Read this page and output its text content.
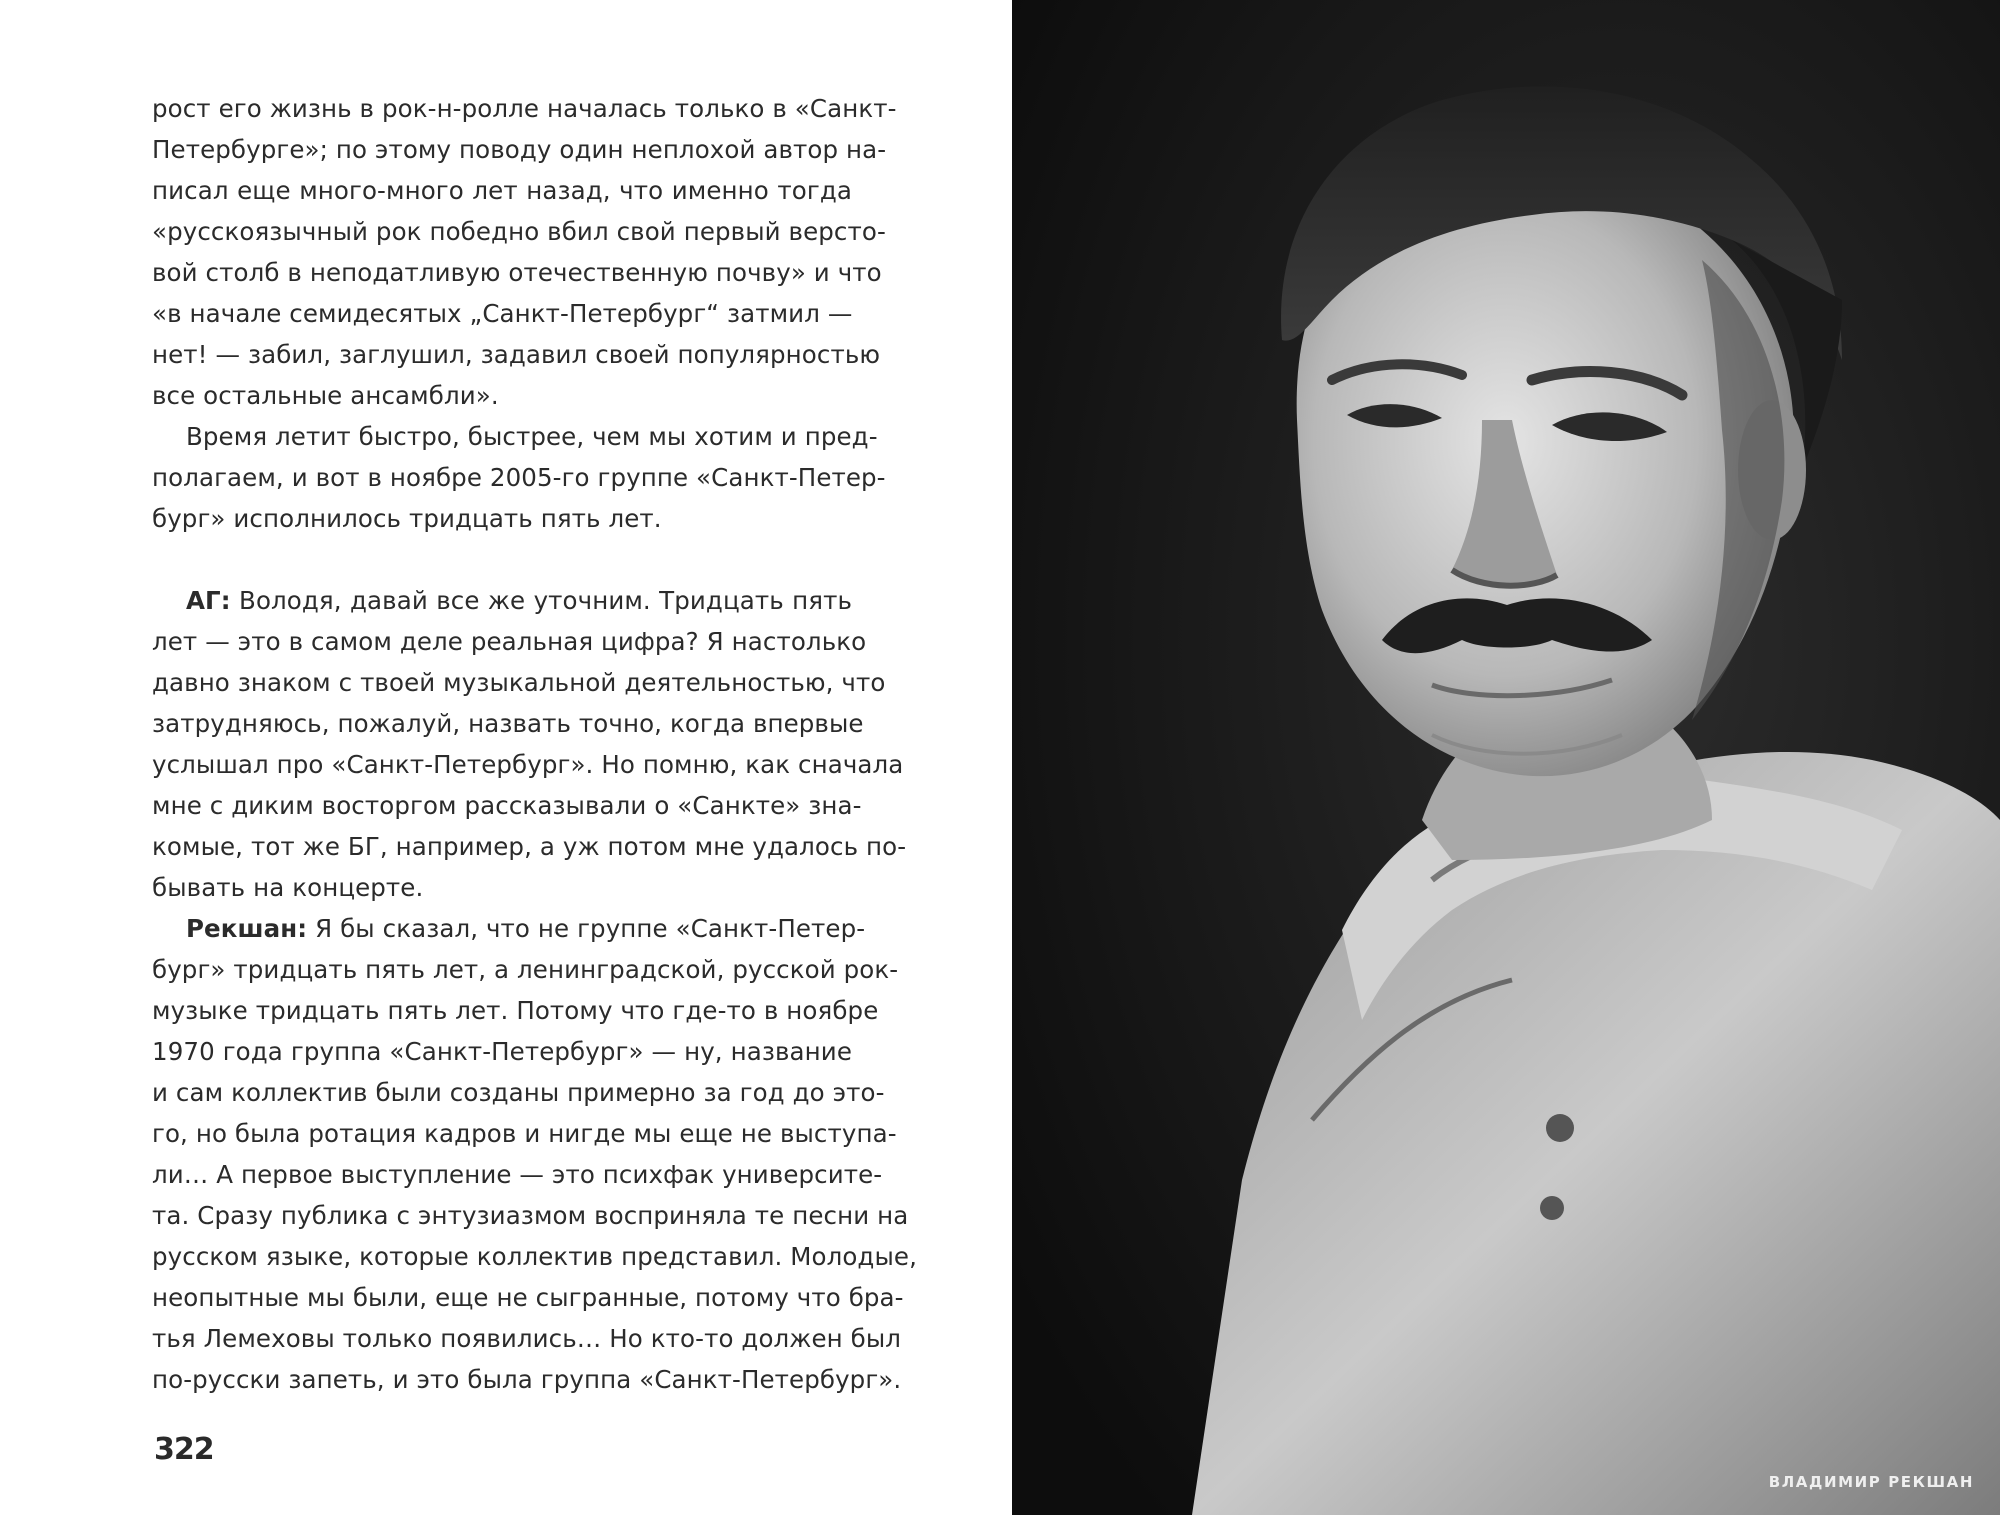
рост его жизнь в рок-н-ролле началась только в «Санкт-
Петербурге»; по этому поводу один неплохой автор на-
писал еще много-много лет назад, что именно тогда
«русскоязычный рок победно вбил свой первый версто-
вой столб в неподатливую отечественную почву» и что
«в начале семидесятых „Санкт-Петербург“ затмил —
нет! — забил, заглушил, задавил своей популярностью
все остальные ансамбли».
Время летит быстро, быстрее, чем мы хотим и пред-
полагаем, и вот в ноябре 2005-го группе «Санкт-Петер-
бург» исполнилось тридцать пять лет.
АГ: Володя, давай все же уточним. Тридцать пять
лет — это в самом деле реальная цифра? Я настолько
давно знаком с твоей музыкальной деятельностью, что
затрудняюсь, пожалуй, назвать точно, когда впервые
услышал про «Санкт-Петербург». Но помню, как сначала
мне с диким восторгом рассказывали о «Санкте» зна-
комые, тот же БГ, например, а уж потом мне удалось по-
бывать на концерте.
Рекшан: Я бы сказал, что не группе «Санкт-Петер-
бург» тридцать пять лет, а ленинградской, русской рок-
музыке тридцать пять лет. Потому что где-то в ноябре
1970 года группа «Санкт-Петербург» — ну, название
и сам коллектив были созданы примерно за год до это-
го, но была ротация кадров и нигде мы еще не выступа-
ли… А первое выступление — это психфак университе-
та. Сразу публика с энтузиазмом восприняла те песни на
русском языке, которые коллектив представил. Молодые,
неопытные мы были, еще не сыгранные, потому что бра-
тья Лемеховы только появились… Но кто-то должен был
по-русски запеть, и это была группа «Санкт-Петербург».
322
ВЛАДИМИР РЕКШАН
